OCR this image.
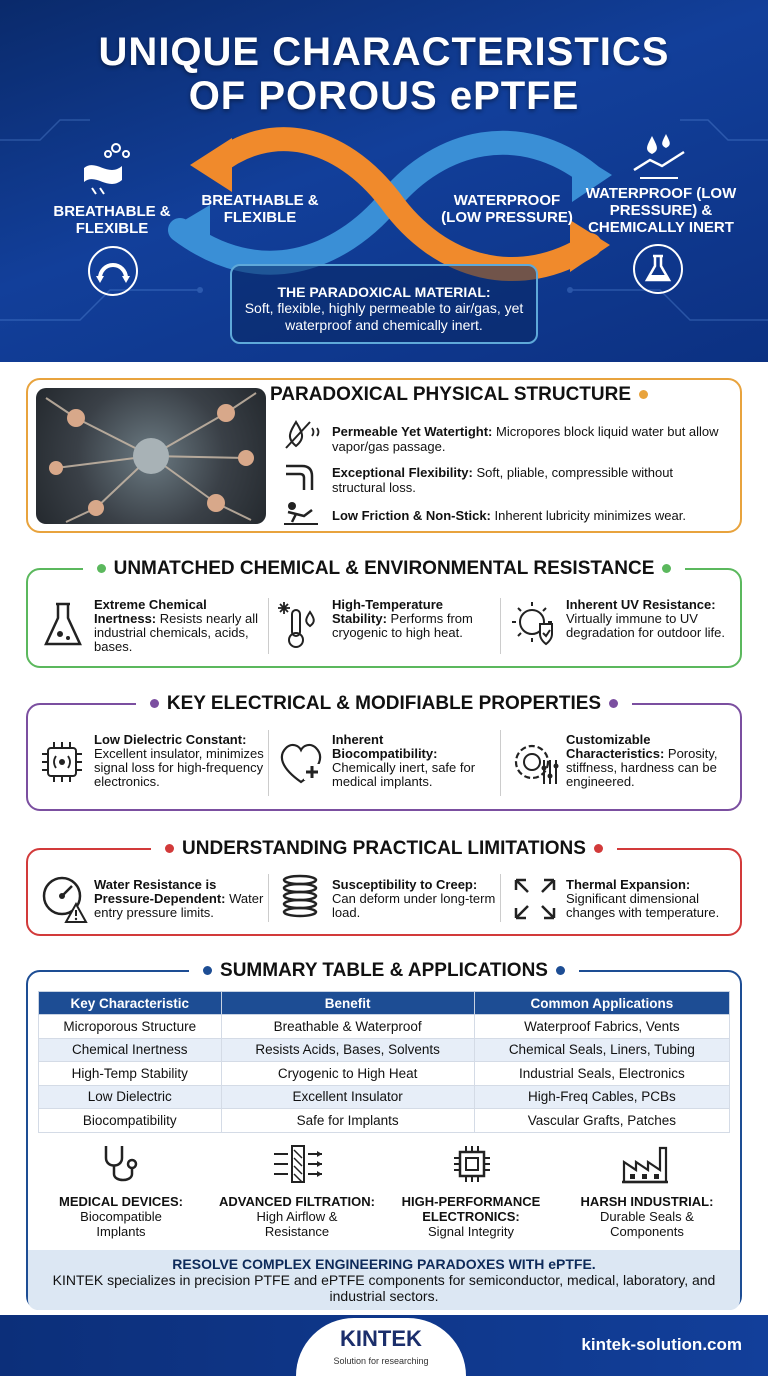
UNIQUE CHARACTERISTICS
OF POROUS ePTFE
BREATHABLE & FLEXIBLE
BREATHABLE & FLEXIBLE
WATERPROOF (LOW PRESSURE)
WATERPROOF (LOW PRESSURE) & CHEMICALLY INERT
THE PARADOXICAL MATERIAL:
Soft, flexible, highly permeable to air/gas, yet waterproof and chemically inert.
PARADOXICAL PHYSICAL STRUCTURE
Permeable Yet Watertight: Micropores block liquid water but allow vapor/gas passage.
Exceptional Flexibility: Soft, pliable, compressible without structural loss.
Low Friction & Non-Stick: Inherent lubricity minimizes wear.
UNMATCHED CHEMICAL & ENVIRONMENTAL RESISTANCE
Extreme Chemical Inertness: Resists nearly all industrial chemicals, acids, bases.
High-Temperature Stability: Performs from cryogenic to high heat.
Inherent UV Resistance: Virtually immune to UV degradation for outdoor life.
KEY ELECTRICAL & MODIFIABLE PROPERTIES
Low Dielectric Constant: Excellent insulator, minimizes signal loss for high-frequency electronics.
Inherent Biocompatibility: Chemically inert, safe for medical implants.
Customizable Characteristics: Porosity, stiffness, hardness can be engineered.
UNDERSTANDING PRACTICAL LIMITATIONS
Water Resistance is Pressure-Dependent: Water entry pressure limits.
Susceptibility to Creep: Can deform under long-term load.
Thermal Expansion: Significant dimensional changes with temperature.
SUMMARY TABLE & APPLICATIONS
Key Characteristic	Benefit	Common Applications
Microporous Structure	Breathable & Waterproof	Waterproof Fabrics, Vents
Chemical Inertness	Resists Acids, Bases, Solvents	Chemical Seals, Liners, Tubing
High-Temp Stability	Cryogenic to High Heat	Industrial Seals, Electronics
Low Dielectric	Excellent Insulator	High-Freq Cables, PCBs
Biocompatibility	Safe for Implants	Vascular Grafts, Patches
MEDICAL DEVICES:
Biocompatible Implants
ADVANCED FILTRATION:
High Airflow & Resistance
HIGH-PERFORMANCE ELECTRONICS:
Signal Integrity
HARSH INDUSTRIAL:
Durable Seals & Components
RESOLVE COMPLEX ENGINEERING PARADOXES WITH ePTFE.
KINTEK specializes in precision PTFE and ePTFE components for semiconductor, medical, laboratory, and industrial sectors.
KINTEK
Solution for researching
kintek-solution.com
